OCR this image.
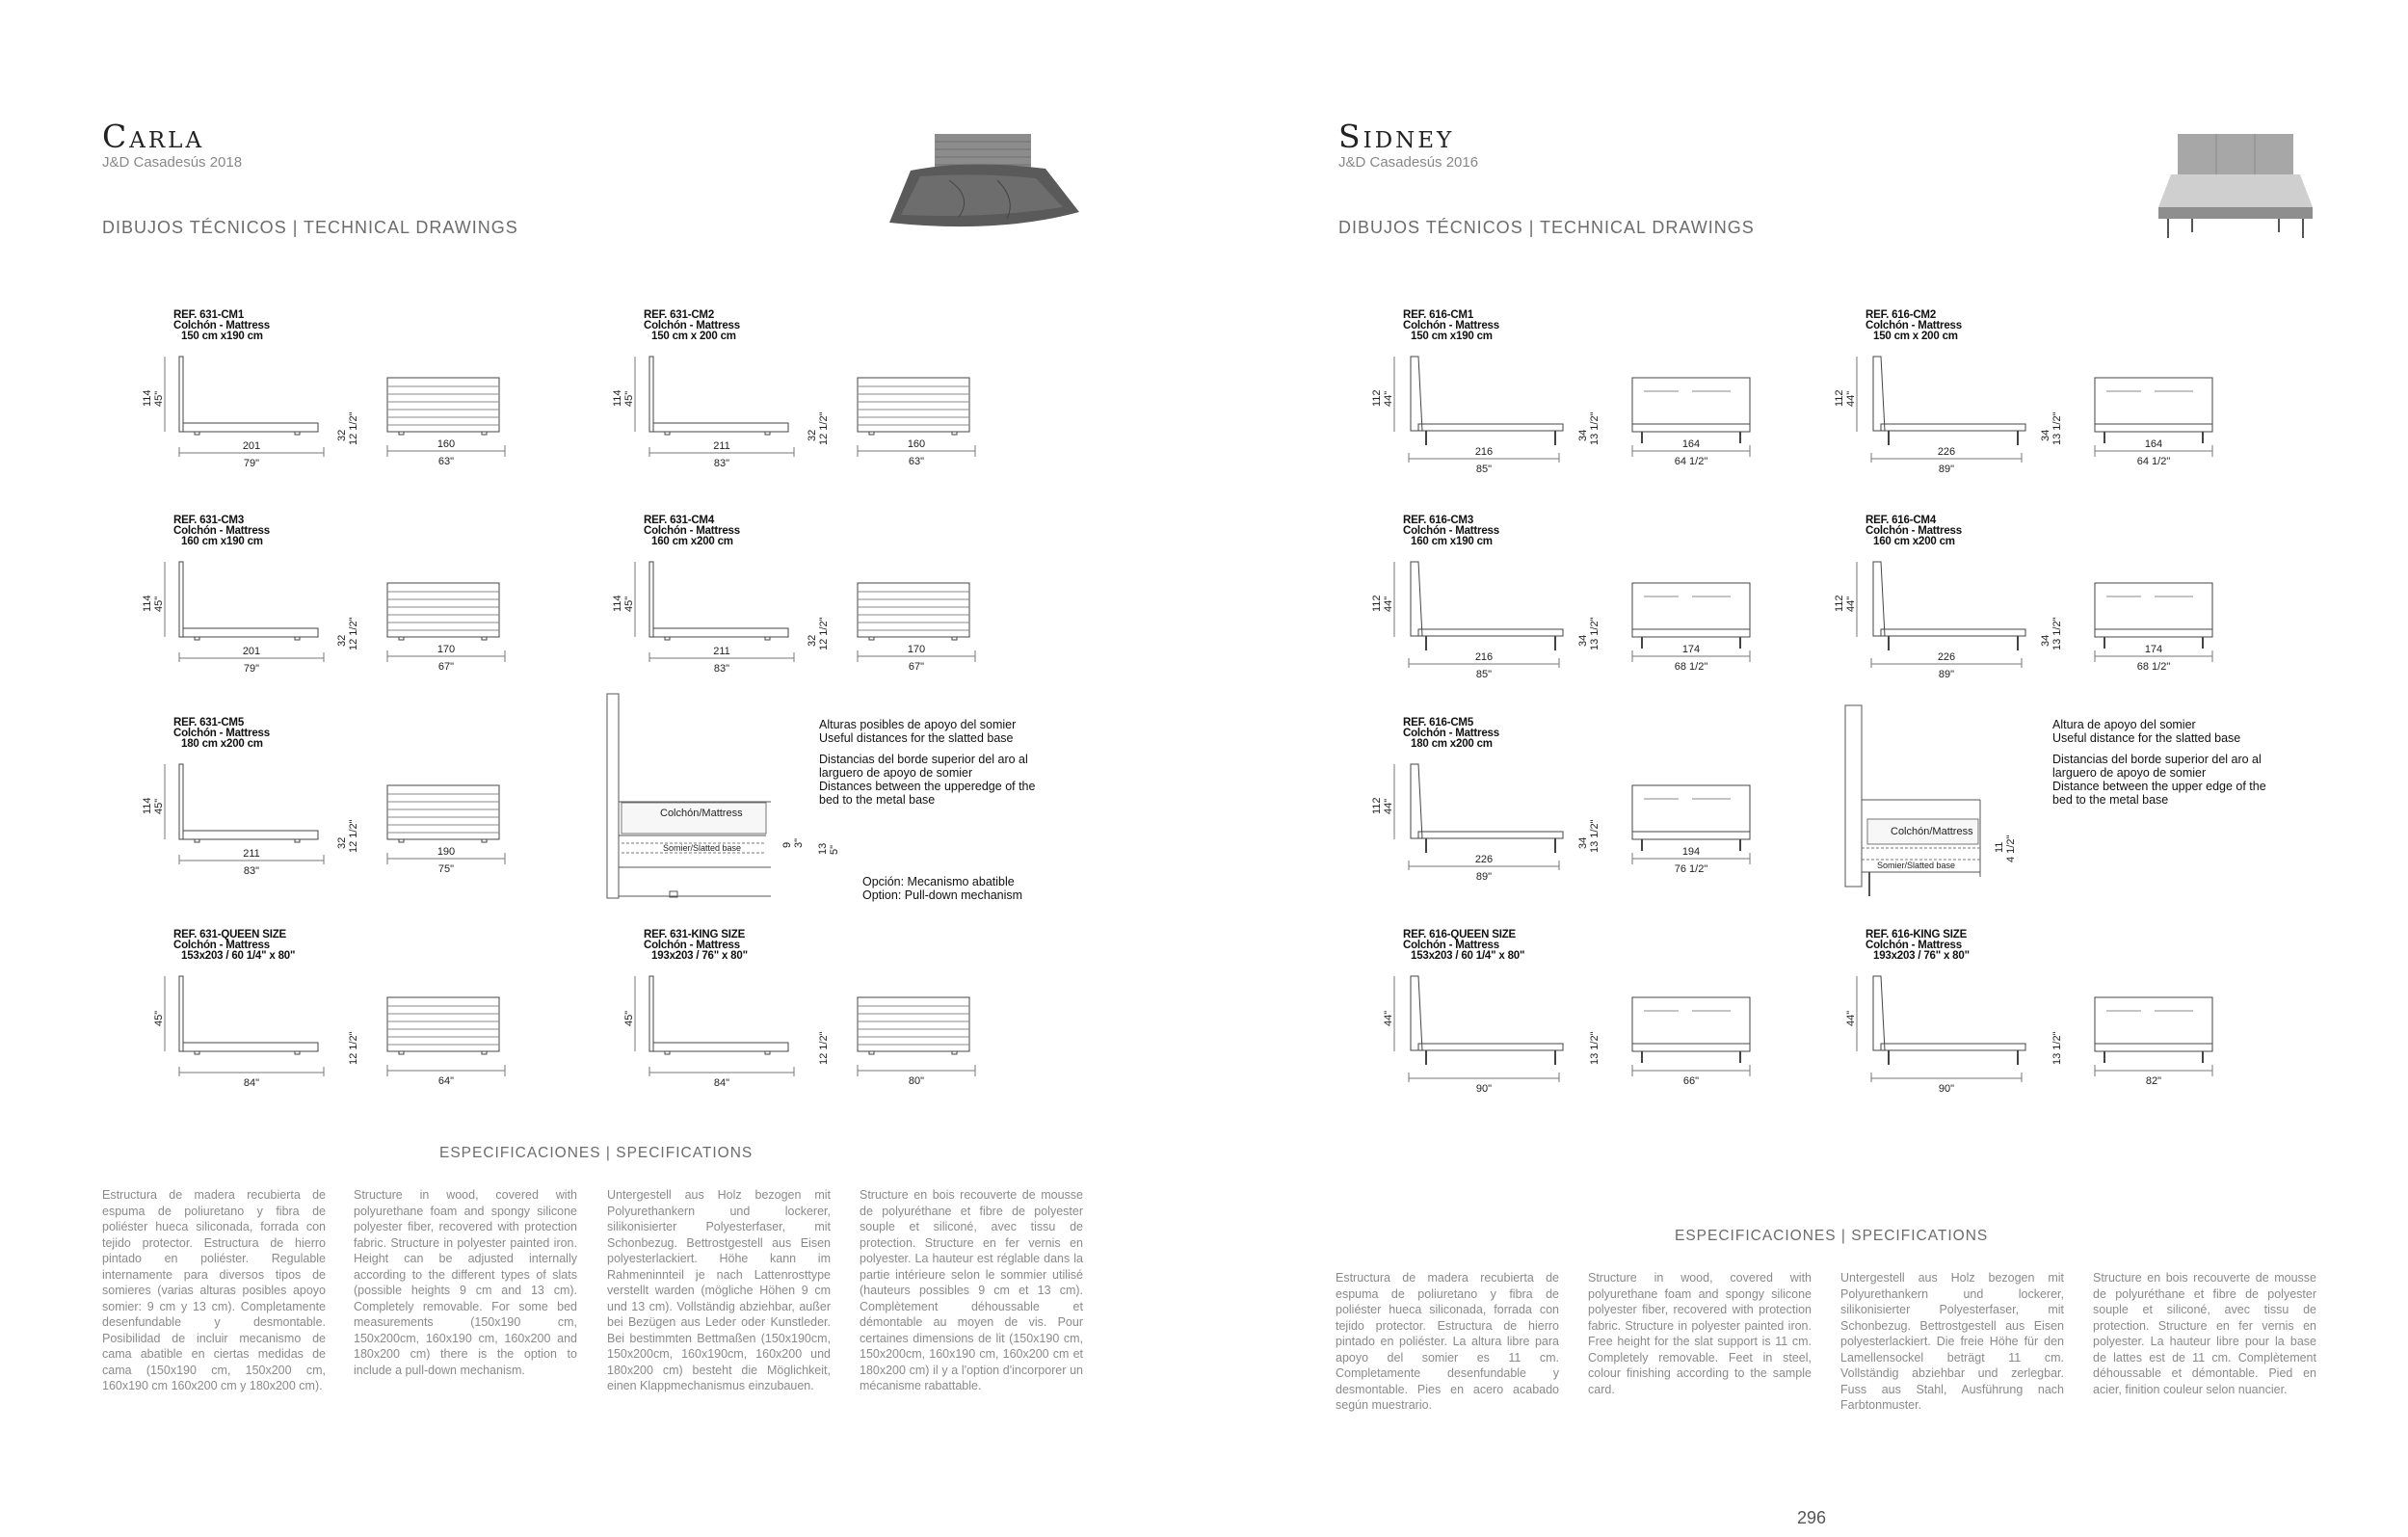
Carla
J&D Casadesús 2018
DIBUJOS TÉCNICOS | TECHNICAL DRAWINGS
REF. 631-CM1
Colchón - Mattress
150 cm x190 cm
114 45"
201
79"
32 12 1/2"	160
63"
REF. 631-CM2
Colchón - Mattress
150 cm x 200 cm
114 45"
211
83"
32 12 1/2"	160
63"
REF. 631-CM3
Colchón - Mattress
160 cm x190 cm
114 45"
201
79"
32 12 1/2"	170
67"
REF. 631-CM4
Colchón - Mattress
160 cm x200 cm
114 45"
211
83"
32 12 1/2"	170
67"
REF. 631-CM5
Colchón - Mattress
180 cm x200 cm
114 45"
211
83"
32 12 1/2"	190
75"
REF. 631-QUEEN SIZE
Colchón - Mattress
153x203 / 60 1/4" x 80"
45"
84"
12 1/2"
64"
REF. 631-KING SIZE
Colchón - Mattress
193x203 / 76" x 80"
45"
84"
12 1/2"
80"
Colchón/Mattress
Somier/Slatted base	9 3" 13 5"

Alturas posibles de apoyo del somier
Useful distances for the slatted base

Distancias del borde superior del aro al larguero de apoyo de somier
Distances between the upperedge of the bed to the metal base

Opción: Mecanismo abatible
Option: Pull-down mechanism
ESPECIFICACIONES | SPECIFICATIONS
Estructura de madera recubierta de espuma de poliuretano y fibra de poliéster hueca siliconada, forrada con tejido protector. Estructura de hierro pintado en poliéster. Regulable internamente para diversos tipos de somieres (varias alturas posibles apoyo somier: 9 cm y 13 cm). Completamente desenfundable y desmontable. Posibilidad de incluir mecanismo de cama abatible en ciertas medidas de cama (150x190 cm, 150x200 cm, 160x190 cm 160x200 cm y 180x200 cm).
Structure in wood, covered with polyurethane foam and spongy silicone polyester fiber, recovered with protection fabric. Structure in polyester painted iron. Height can be adjusted internally according to the different types of slats (possible heights 9 cm and 13 cm). Completely removable. For some bed measurements (150x190 cm, 150x200cm, 160x190 cm, 160x200 and 180x200 cm) there is the option to include a pull-down mechanism.
Untergestell aus Holz bezogen mit Polyurethankern und lockerer, silikonisierter Polyesterfaser, mit Schonbezug. Bettrostgestell aus Eisen polyesterlackiert. Höhe kann im Rahmeninnteil je nach Lattenrosttype verstellt warden (mögliche Höhen 9 cm und 13 cm). Vollständig abziehbar, außer bei Bezügen aus Leder oder Kunstleder. Bei bestimmten Bettmaßen (150x190cm, 150x200cm, 160x190cm, 160x200 und 180x200 cm) besteht die Möglichkeit, einen Klappmechanismus einzubauen.
Structure en bois recouverte de mousse de polyuréthane et fibre de polyester souple et siliconé, avec tissu de protection. Structure en fer vernis en polyester. La hauteur est réglable dans la partie intérieure selon le sommier utilisé (hauteurs possibles 9 cm et 13 cm). Complètement déhoussable et démontable au moyen de vis. Pour certaines dimensions de lit (150x190 cm, 150x200cm, 160x190 cm, 160x200 cm et 180x200 cm) il y a l'option d'incorporer un mécanisme rabattable.
Sidney
J&D Casadesús 2016
DIBUJOS TÉCNICOS | TECHNICAL DRAWINGS
REF. 616-CM1
Colchón - Mattress
150 cm x190 cm
112 44"
216
85"
34 13 1/2"	164
64 1/2"
REF. 616-CM2
Colchón - Mattress
150 cm x 200 cm
112 44"
226
89"
34 13 1/2"	164
64 1/2"
REF. 616-CM3
Colchón - Mattress
160 cm x190 cm
112 44"
216
85"
34 13 1/2"	174
68 1/2"
REF. 616-CM4
Colchón - Mattress
160 cm x200 cm
112 44"
226
89"
34 13 1/2"	174
68 1/2"
REF. 616-CM5
Colchón - Mattress
180 cm x200 cm
112 44"
226
89"
34 13 1/2"	194
76 1/2"
REF. 616-QUEEN SIZE
Colchón - Mattress
153x203 / 60 1/4" x 80"
44"
90"
13 1/2"
66"
REF. 616-KING SIZE
Colchón - Mattress
193x203 / 76" x 80"
44"
90"
13 1/2"
82"
Colchón/Mattress
Somier/Slatted base
11 4 1/2"

Altura de apoyo del somier
Useful distance for the slatted base

Distancias del borde superior del aro al larguero de apoyo de somier
Distance between the upper edge of the bed to the metal base

ESPECIFICACIONES | SPECIFICATIONS
Estructura de madera recubierta de espuma de poliuretano y fibra de poliéster hueca siliconada, forrada con tejido protector. Estructura de hierro pintado en poliéster. La altura libre para apoyo del somier es 11 cm. Completamente desenfundable y desmontable. Pies en acero acabado según muestrario.
Structure in wood, covered with polyurethane foam and spongy silicone polyester fiber, recovered with protection fabric. Structure in polyester painted iron. Free height for the slat support is 11 cm. Completely removable. Feet in steel, colour finishing according to the sample card.
Untergestell aus Holz bezogen mit Polyurethankern und lockerer, silikonisierter Polyesterfaser, mit Schonbezug. Bettrostgestell aus Eisen polyesterlackiert. Die freie Höhe für den Lamellensockel beträgt 11 cm. Vollständig abziehbar und zerlegbar. Fuss aus Stahl, Ausführung nach Farbtonmuster.
Structure en bois recouverte de mousse de polyuréthane et fibre de polyester souple et siliconé, avec tissu de protection. Structure en fer vernis en polyester. La hauteur libre pour la base de lattes est de 11 cm. Complètement déhoussable et démontable. Pied en acier, finition couleur selon nuancier.
296
